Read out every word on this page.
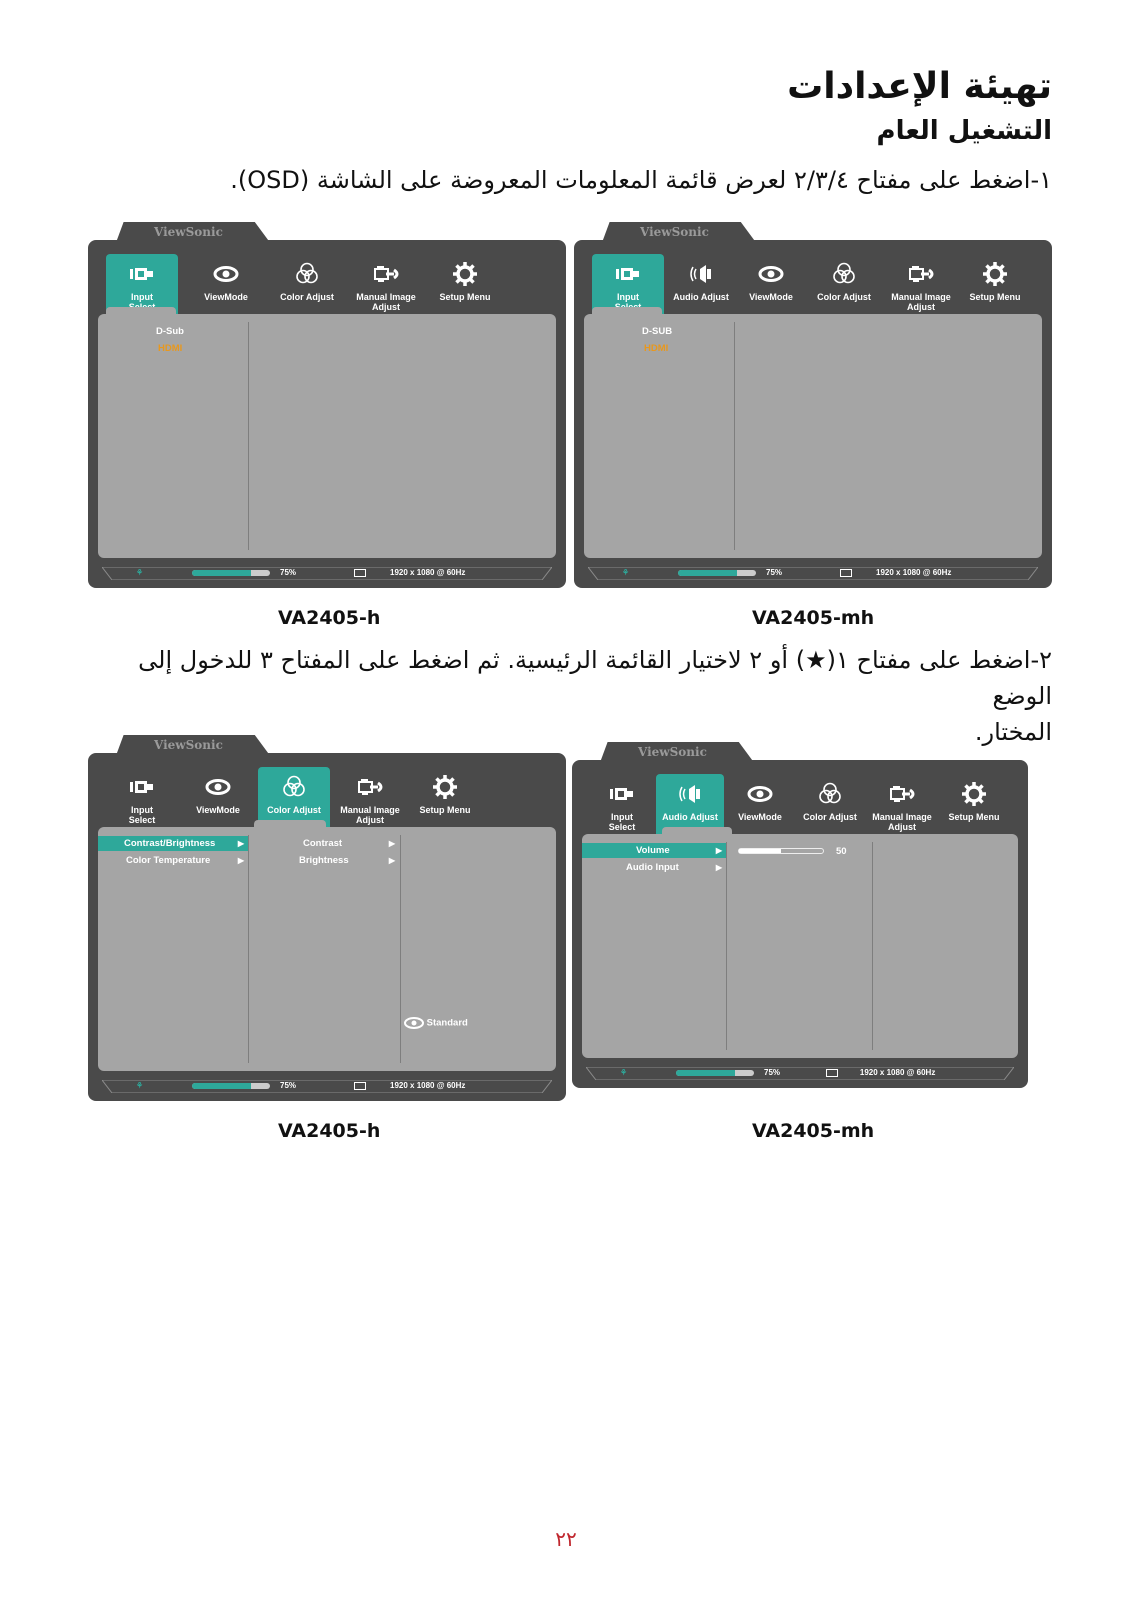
تهيئة الإعدادات
التشغيل العام
١-اضغط على مفتاح ٢/٣/٤ لعرض قائمة المعلومات المعروضة على الشاشة (OSD).
ViewSonic
Input	ViewMode	Color Adjust	Manual Image
Adjust
Setup Menu
D-Sub
HDMI
⚘	75%	1920 x 1080 @ 60Hz
ViewSonic
Input	Audio Adjust	ViewMode	Color Adjust	Manual Image
Adjust
Setup Menu
D-SUB
HDMI
⚘	75%	1920 x 1080 @ 60Hz
VA2405-h	VA2405-mh
٢-اضغط على مفتاح ١(★) أو ٢ لاختيار القائمة الرئيسية. ثم اضغط على المفتاح ٣ للدخول إلى الوضع
المختار.
ViewSonic
Input
Select
ViewMode	Color Adjust	Manual Image
Adjust
Setup Menu
Contrast/Brightness	▶
Color Temperature	▶
Contrast	▶
Brightness	▶
Standard
⚘	75%	1920 x 1080 @ 60Hz
ViewSonic
Input
Select
Audio Adjust	ViewMode	Color Adjust	Manual Image
Adjust
Setup Menu
Volume	▶
Audio Input	▶
50
⚘	75%	1920 x 1080 @ 60Hz
VA2405-h	VA2405-mh
٢٢
